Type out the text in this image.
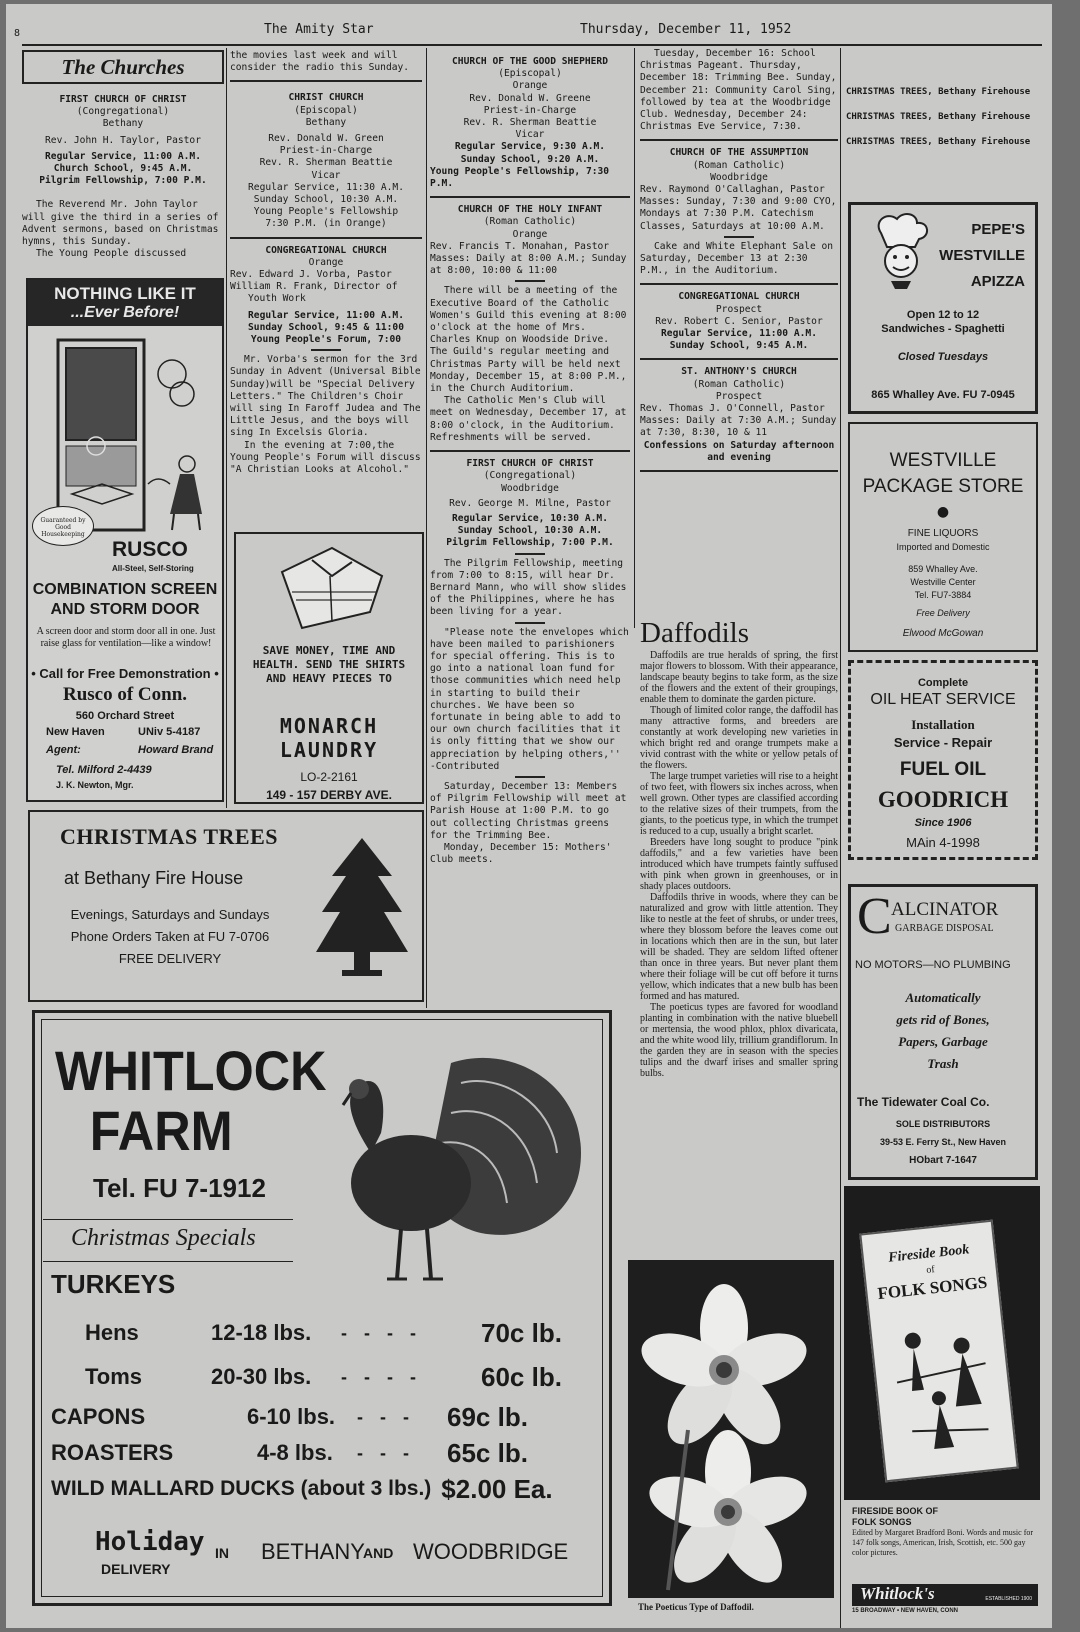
8	The Amity Star	Thursday, December 11, 1952
The Churches

FIRST CHURCH OF CHRIST

(Congregational)

Bethany

Rev. John H. Taylor, Pastor

Regular Service, 11:00 A.M.

Church School, 9:45 A.M.

Pilgrim Fellowship, 7:00 P.M.

The Reverend Mr. John Taylor will give the third in a series of Advent sermons, based on Christmas hymns, this Sunday.

The Young People discussed

NOTHING LIKE IT
...Ever Before!
Guaranteed by Good Housekeeping
RUSCO
All-Steel, Self-Storing
COMBINATION SCREEN
AND STORM DOOR
A screen door and storm door all in one. Just raise glass for ventilation—like a window!
• Call for Free Demonstration •
Rusco of Conn.
560 Orchard Street
New Haven	UNiv 5-4187
Agent:	Howard Brand
Tel. Milford 2-4439
J. K. Newton, Mgr.

the movies last week and will consider the radio this Sunday.

CHRIST CHURCH

(Episcopal)

Bethany

Rev. Donald W. Green

Priest-in-Charge

Rev. R. Sherman Beattie

Vicar

Regular Service, 11:30 A.M.

Sunday School, 10:30 A.M.

Young People's Fellowship

7:30 P.M. (in Orange)

CONGREGATIONAL CHURCH

Orange

Rev. Edward J. Vorba, Pastor

William R. Frank, Director of

Youth Work

Regular Service, 11:00 A.M.

Sunday School, 9:45 & 11:00

Young People's Forum, 7:00

Mr. Vorba's sermon for the 3rd Sunday in Advent (Universal Bible Sunday)will be "Special Delivery Letters." The Children's Choir will sing In Faroff Judea and The Little Jesus, and the boys will sing In Excelsis Gloria.

In the evening at 7:00,the Young People's Forum will discuss "A Christian Looks at Alcohol."

SAVE MONEY, TIME AND HEALTH. SEND THE SHIRTS AND HEAVY PIECES TO
MONARCH
LAUNDRY
LO-2-2161
149 - 157 DERBY AVE.

CHURCH OF THE GOOD SHEPHERD

(Episcopal)

Orange

Rev. Donald W. Greene

Priest-in-Charge

Rev. R. Sherman Beattie

Vicar

Regular Service, 9:30 A.M.

Sunday School, 9:20 A.M.

Young People's Fellowship, 7:30 P.M.

CHURCH OF THE HOLY INFANT

(Roman Catholic)

Orange

Rev. Francis T. Monahan, Pastor

Masses: Daily at 8:00 A.M.; Sunday at 8:00, 10:00 & 11:00

There will be a meeting of the Executive Board of the Catholic Women's Guild this evening at 8:00 o'clock at the home of Mrs. Charles Knup on Woodside Drive. The Guild's regular meeting and Christmas Party will be held next Monday, December 15, at 8:00 P.M., in the Church Auditorium.

The Catholic Men's Club will meet on Wednesday, December 17, at 8:00 o'clock, in the Auditorium. Refreshments will be served.

FIRST CHURCH OF CHRIST

(Congregational)

Woodbridge

Rev. George M. Milne, Pastor

Regular Service, 10:30 A.M.

Sunday School, 10:30 A.M.

Pilgrim Fellowship, 7:00 P.M.

The Pilgrim Fellowship, meeting from 7:00 to 8:15, will hear Dr. Bernard Mann, who will show slides of the Philippines, where he has been living for a year.

"Please note the envelopes which have been mailed to parishioners for special offering. This is to go into a national loan fund for those communities which need help in starting to build their churches. We have been so fortunate in being able to add to our own church facilities that it is only fitting that we show our appreciation by helping others,'' -Contributed

Saturday, December 13: Members of Pilgrim Fellowship will meet at Parish House at 1:00 P.M. to go out collecting Christmas greens for the Trimming Bee.

Monday, December 15: Mothers' Club meets.

Tuesday, December 16: School Christmas Pageant. Thursday, December 18: Trimming Bee. Sunday, December 21: Community Carol Sing, followed by tea at the Woodbridge Club. Wednesday, December 24: Christmas Eve Service, 7:30.

CHURCH OF THE ASSUMPTION

(Roman Catholic)

Woodbridge

Rev. Raymond O'Callaghan, Pastor

Masses: Sunday, 7:30 and 9:00 CYO, Mondays at 7:30 P.M. Catechism Classes, Saturdays at 10:00 A.M.

Cake and White Elephant Sale on Saturday, December 13 at 2:30 P.M., in the Auditorium.

CONGREGATIONAL CHURCH

Prospect

Rev. Robert C. Senior, Pastor

Regular Service, 11:00 A.M.

Sunday School, 9:45 A.M.

ST. ANTHONY'S CHURCH

(Roman Catholic)

Prospect

Rev. Thomas J. O'Connell, Pastor

Masses: Daily at 7:30 A.M.; Sunday at 7:30, 8:30, 10 & 11

Confessions on Saturday afternoon and evening

Daffodils

Daffodils are true heralds of spring, the first major flowers to blossom. With their appearance, landscape beauty begins to take form, as the size of the flowers and the extent of their groupings, enable them to dominate the garden picture.

Though of limited color range, the daffodil has many attractive forms, and breeders are constantly at work developing new varieties in which bright red and orange trumpets make a vivid contrast with the white or yellow petals of the flowers.

The large trumpet varieties will rise to a height of two feet, with flowers six inches across, when well grown. Other types are classified according to the relative sizes of their trumpets, from the giants, to the poeticus type, in which the trumpet is reduced to a cup, usually a bright scarlet.

Breeders have long sought to produce "pink daffodils," and a few varieties have been introduced which have trumpets faintly suffused with pink when grown in greenhouses, or in shady places outdoors.

Daffodils thrive in woods, where they can be naturalized and grow with little attention. They like to nestle at the feet of shrubs, or under trees, where they blossom before the leaves come out in locations which then are in the sun, but later will be shaded. They are seldom lifted oftener than once in three years. But never plant them where their foliage will be cut off before it turns yellow, which indicates that a new bulb has been formed and has matured.

The poeticus types are favored for woodland planting in combination with the native bluebell or mertensia, the wood phlox, phlox divaricata, and the white wood lily, trillium grandiflorum. In the garden they are in season with the species tulips and the dwarf irises and smaller spring bulbs.

The Poeticus Type of Daffodil.
CHRISTMAS TREES
at Bethany Fire House
Evenings, Saturdays and Sundays
Phone Orders Taken at FU 7-0706
FREE DELIVERY
WHITLOCK
FARM
Tel. FU 7-1912
Christmas Specials
TURKEYS
Hens	12-18 lbs.	- - - -	70c lb.
Toms	20-30 lbs.	- - - -	60c lb.
CAPONS	6-10 lbs.	- - -	69c lb.
ROASTERS	4-8 lbs.	- - -	65c lb.
WILD MALLARD DUCKS (about 3 lbs.) $2.00 Ea.
Holiday
DELIVERY
IN BETHANY
AND WOODBRIDGE
CHRISTMAS TREES, Bethany Firehouse
CHRISTMAS TREES, Bethany Firehouse
CHRISTMAS TREES, Bethany Firehouse
PEPE'S
WESTVILLE
APIZZA
Open 12 to 12
Sandwiches - Spaghetti
Closed Tuesdays
865 Whalley Ave. FU 7-0945
WESTVILLE
PACKAGE STORE
●
FINE LIQUORS
Imported and Domestic
859 Whalley Ave.
Westville Center
Tel. FU7-3884
Free Delivery
Elwood McGowan
Complete
OIL HEAT SERVICE
Installation
Service - Repair
FUEL OIL
GOODRICH
Since 1906
MAin 4-1998
C ALCINATOR
GARBAGE DISPOSAL
NO MOTORS—NO PLUMBING
Automatically
gets rid of Bones,
Papers, Garbage
Trash
The Tidewater Coal Co.
SOLE DISTRIBUTORS
39-53 E. Ferry St., New Haven
HObart 7-1647
Fireside Book
of
FOLK SONGS
FIRESIDE BOOK OF
FOLK SONGS
Edited by Margaret Bradford Boni. Words and music for 147 folk songs, American, Irish, Scottish, etc. 500 gay color pictures.
Whitlock's	ESTABLISHED 1900
15 BROADWAY • NEW HAVEN, CONN
